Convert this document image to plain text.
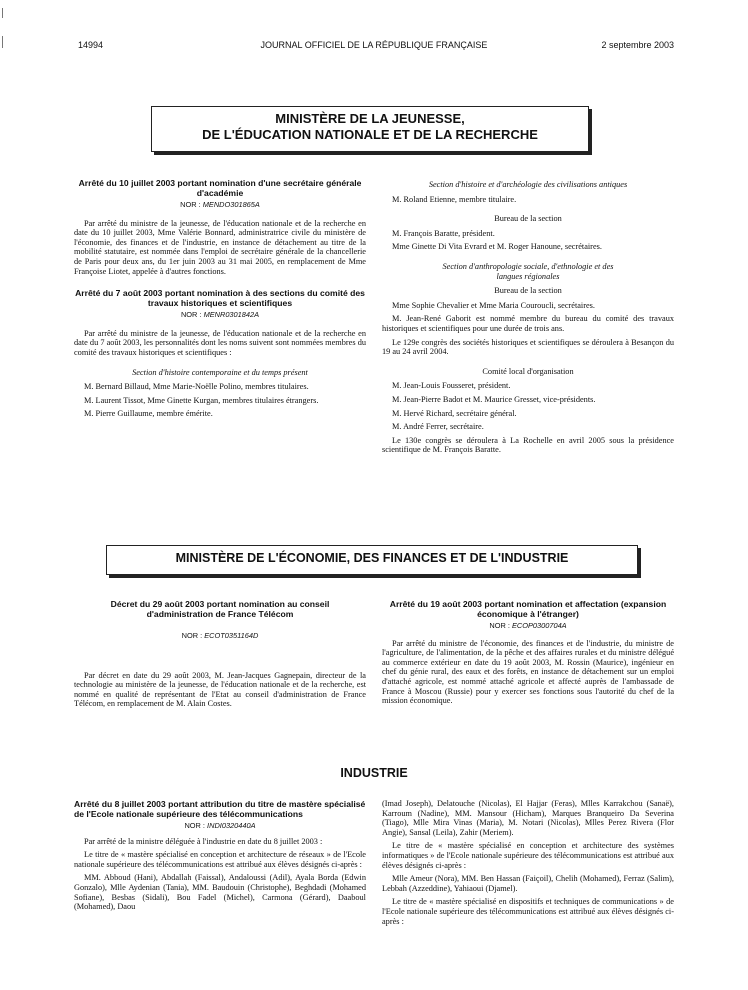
14994	JOURNAL OFFICIEL DE LA RÉPUBLIQUE FRANÇAISE	2 septembre 2003
MINISTÈRE DE LA JEUNESSE,
DE L'ÉDUCATION NATIONALE ET DE LA RECHERCHE
Arrêté du 10 juillet 2003 portant nomination d'une secrétaire générale d'académie
NOR : MENDO301865A

Par arrêté du ministre de la jeunesse, de l'éducation nationale et de la recherche en date du 10 juillet 2003, Mme Valérie Bonnard, administratrice civile du ministère de l'économie, des finances et de l'industrie, en instance de détachement au titre de la mobilité statutaire, est nommée dans l'emploi de secrétaire générale de la chancellerie de Paris pour deux ans, du 1er juin 2003 au 31 mai 2005, en remplacement de Mme Françoise Liotet, appelée à d'autres fonctions.

Arrêté du 7 août 2003 portant nomination à des sections du comité des travaux historiques et scientifiques
NOR : MENR0301842A

Par arrêté du ministre de la jeunesse, de l'éducation nationale et de la recherche en date du 7 août 2003, les personnalités dont les noms suivent sont nommées membres du comité des travaux historiques et scientifiques :

Section d'histoire contemporaine et du temps présent

M. Bernard Billaud, Mme Marie-Noëlle Polino, membres titulaires.

M. Laurent Tissot, Mme Ginette Kurgan, membres titulaires étrangers.

M. Pierre Guillaume, membre émérite.

Section d'histoire et d'archéologie des civilisations antiques

M. Roland Etienne, membre titulaire.

Bureau de la section

M. François Baratte, président.

Mme Ginette Di Vita Evrard et M. Roger Hanoune, secrétaires.

Section d'anthropologie sociale, d'ethnologie et des langues régionales
Bureau de la section

Mme Sophie Chevalier et Mme Maria Couroucli, secrétaires.

M. Jean-René Gaborit est nommé membre du bureau du comité des travaux historiques et scientifiques pour une durée de trois ans.

Le 129e congrès des sociétés historiques et scientifiques se déroulera à Besançon du 19 au 24 avril 2004.

Comité local d'organisation

M. Jean-Louis Fousseret, président.

M. Jean-Pierre Badot et M. Maurice Gresset, vice-présidents.

M. Hervé Richard, secrétaire général.

M. André Ferrer, secrétaire.

Le 130e congrès se déroulera à La Rochelle en avril 2005 sous la présidence scientifique de M. François Baratte.

MINISTÈRE DE L'ÉCONOMIE, DES FINANCES ET DE L'INDUSTRIE
Décret du 29 août 2003 portant nomination au conseil d'administration de France Télécom
NOR : ECOT0351164D

Par décret en date du 29 août 2003, M. Jean-Jacques Gagnepain, directeur de la technologie au ministère de la jeunesse, de l'éducation nationale et de la recherche, est nommé en qualité de représentant de l'Etat au conseil d'administration de France Télécom, en remplacement de M. Alain Costes.

Arrêté du 19 août 2003 portant nomination et affectation (expansion économique à l'étranger)
NOR : ECOP0300704A

Par arrêté du ministre de l'économie, des finances et de l'industrie, du ministre de l'agriculture, de l'alimentation, de la pêche et des affaires rurales et du ministre délégué au commerce extérieur en date du 19 août 2003, M. Rossin (Maurice), ingénieur en chef du génie rural, des eaux et des forêts, en instance de détachement sur un emploi d'attaché agricole, est nommé attaché agricole et affecté auprès de l'ambassade de France à Moscou (Russie) pour y exercer ses fonctions sous l'autorité du chef de la mission économique.

INDUSTRIE
Arrêté du 8 juillet 2003 portant attribution du titre de mastère spécialisé de l'Ecole nationale supérieure des télécommunications
NOR : INDI0320440A

Par arrêté de la ministre déléguée à l'industrie en date du 8 juillet 2003 :

Le titre de « mastère spécialisé en conception et architecture de réseaux » de l'Ecole nationale supérieure des télécommunications est attribué aux élèves désignés ci-après :

MM. Abboud (Hani), Abdallah (Faissal), Andaloussi (Adil), Ayala Borda (Edwin Gonzalo), Mlle Aydenian (Tania), MM. Baudouin (Christophe), Beghdadi (Mohamed Sofiane), Besbas (Sidali), Bou Fadel (Michel), Carmona (Gérard), Daaboul (Mohamed), Daou

(Imad Joseph), Delatouche (Nicolas), El Hajjar (Feras), Mlles Karrakchou (Sanaë), Karroum (Nadine), MM. Mansour (Hicham), Marques Branqueiro Da Severina (Tiago), Mlle Mira Vinas (Maria), M. Notari (Nicolas), Mlles Perez Rivera (Flor Angie), Sansal (Leila), Zahir (Meriem).

Le titre de « mastère spécialisé en conception et architecture des systèmes informatiques » de l'Ecole nationale supérieure des télécommunications est attribué aux élèves désignés ci-après :

Mlle Ameur (Nora), MM. Ben Hassan (Faiçoil), Chelih (Mohamed), Ferraz (Salim), Lebbah (Azzeddine), Yahiaoui (Djamel).

Le titre de « mastère spécialisé en dispositifs et techniques de communications » de l'Ecole nationale supérieure des télécommunications est attribué aux élèves désignés ci-après :
